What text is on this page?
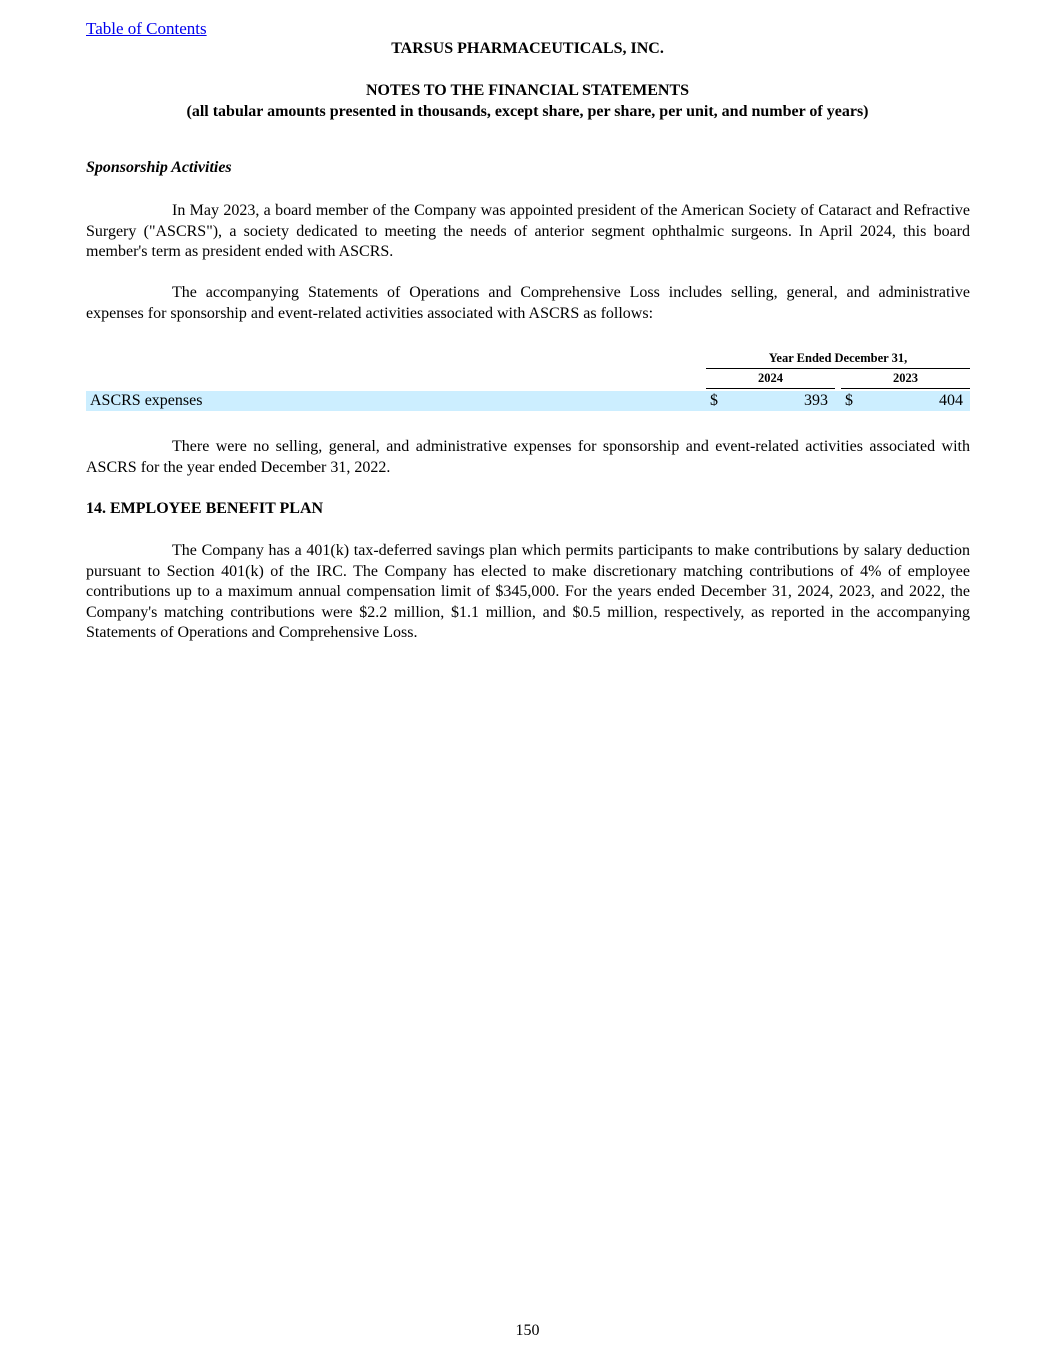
Table of Contents
TARSUS PHARMACEUTICALS, INC.
NOTES TO THE FINANCIAL STATEMENTS
(all tabular amounts presented in thousands, except share, per share, per unit, and number of years)
Sponsorship Activities
In May 2023, a board member of the Company was appointed president of the American Society of Cataract and Refractive Surgery ("ASCRS"), a society dedicated to meeting the needs of anterior segment ophthalmic surgeons. In April 2024, this board member's term as president ended with ASCRS.
The accompanying Statements of Operations and Comprehensive Loss includes selling, general, and administrative expenses for sponsorship and event-related activities associated with ASCRS as follows:
Year Ended December 31,
2024	2023
ASCRS expenses	$	393 $	404
There were no selling, general, and administrative expenses for sponsorship and event-related activities associated with ASCRS for the year ended December 31, 2022.
14. EMPLOYEE BENEFIT PLAN
The Company has a 401(k) tax-deferred savings plan which permits participants to make contributions by salary deduction pursuant to Section 401(k) of the IRC. The Company has elected to make discretionary matching contributions of 4% of employee contributions up to a maximum annual compensation limit of $345,000. For the years ended December 31, 2024, 2023, and 2022, the Company's matching contributions were $2.2 million, $1.1 million, and $0.5 million, respectively, as reported in the accompanying Statements of Operations and Comprehensive Loss.
150
